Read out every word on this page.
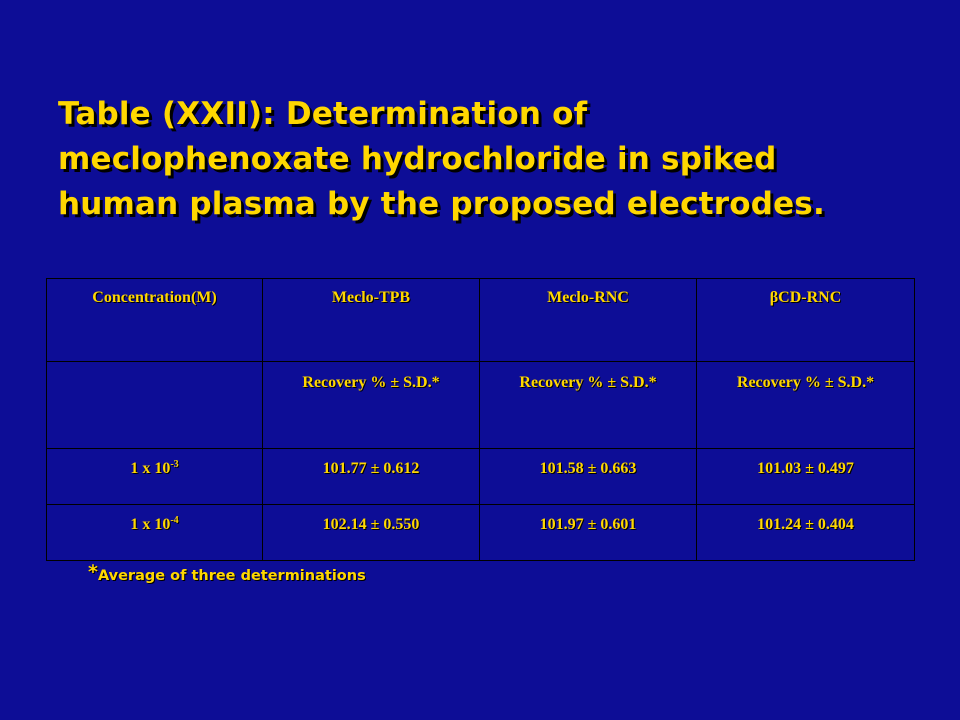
Table (XXII): Determination of
meclophenoxate hydrochloride in spiked
human plasma by the proposed electrodes.
Concentration(M)	Meclo-TPB	Meclo-RNC	βCD-RNC
	Recovery % ± S.D.*	Recovery % ± S.D.*	Recovery % ± S.D.*
1 x $10^{-3}$	101.77 ± 0.612	101.58 ± 0.663	101.03 ± 0.497
1 x $10^{-4}$	102.14 ± 0.550	101.97 ± 0.601	101.24 ± 0.404
*Average of three determinations
